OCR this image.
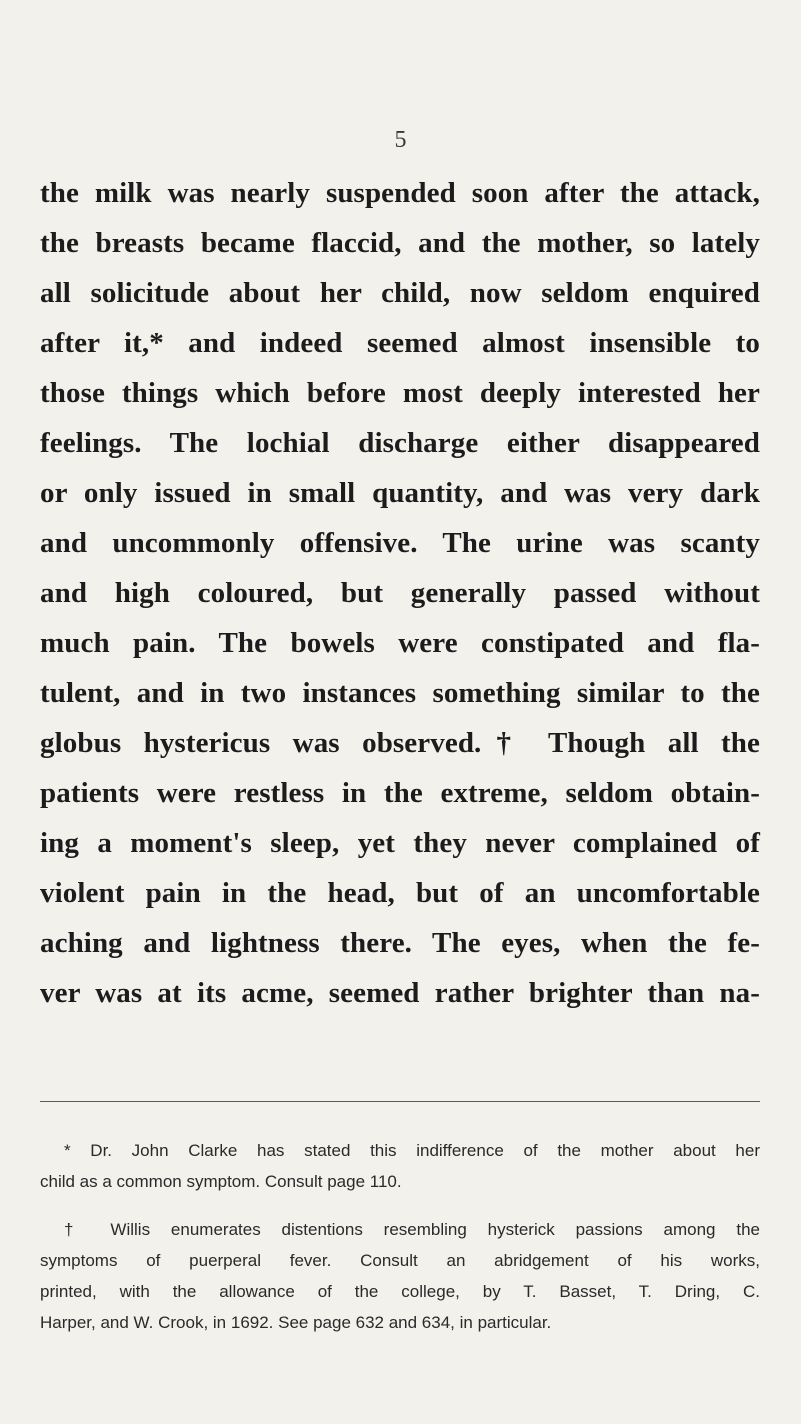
5
the milk was nearly suspended soon after the attack,
the breasts became flaccid, and the mother, so lately
all solicitude about her child, now seldom enquired
after it,* and indeed seemed almost insensible to
those things which before most deeply interested her
feelings. The lochial discharge either disappeared
or only issued in small quantity, and was very dark
and uncommonly offensive. The urine was scanty
and high coloured, but generally passed without
much pain. The bowels were constipated and fla-
tulent, and in two instances something similar to the
globus hystericus was observed.† Though all the
patients were restless in the extreme, seldom obtain-
ing a moment's sleep, yet they never complained of
violent pain in the head, but of an uncomfortable
aching and lightness there. The eyes, when the fe-
ver was at its acme, seemed rather brighter than na-
* Dr. John Clarke has stated this indifference of the mother about her
child as a common symptom. Consult page 110.
† Willis enumerates distentions resembling hysterick passions among the
symptoms of puerperal fever. Consult an abridgement of his works,
printed, with the allowance of the college, by T. Basset, T. Dring, C.
Harper, and W. Crook, in 1692. See page 632 and 634, in particular.
